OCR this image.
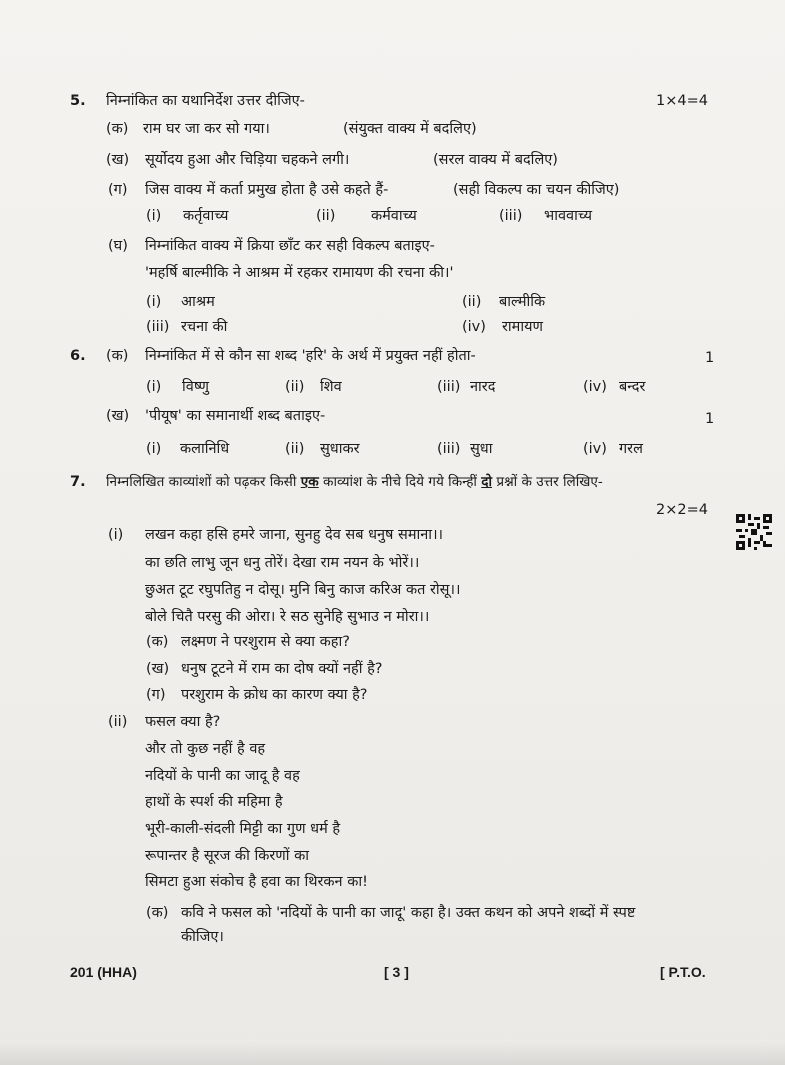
5. निम्नांकित का यथानिर्देश उत्तर दीजिए-	1×4=4
(क) राम घर जा कर सो गया।	(संयुक्त वाक्य में बदलिए)
(ख) सूर्योदय हुआ और चिड़िया चहकने लगी।	(सरल वाक्य में बदलिए)
(ग) जिस वाक्य में कर्ता प्रमुख होता है उसे कहते हैं-	(सही विकल्प का चयन कीजिए)
(i) कर्तृवाच्य	(ii) कर्मवाच्य	(iii) भाववाच्य
(घ) निम्नांकित वाक्य में क्रिया छाँट कर सही विकल्प बताइए-
'महर्षि बाल्मीकि ने आश्रम में रहकर रामायण की रचना की।'
(i) आश्रम	(ii) बाल्मीकि
(iii) रचना की	(iv) रामायण
6. (क) निम्नांकित में से कौन सा शब्द 'हरि' के अर्थ में प्रयुक्त नहीं होता-	1
(i) विष्णु	(ii) शिव	(iii) नारद	(iv) बन्दर
(ख) 'पीयूष' का समानार्थी शब्द बताइए-	1
(i) कलानिधि	(ii) सुधाकर	(iii) सुधा	(iv) गरल
7. निम्नलिखित काव्यांशों को पढ़कर किसी एक काव्यांश के नीचे दिये गये किन्हीं दो प्रश्नों के उत्तर लिखिए-
2×2=4
(i) लखन कहा हसि हमरे जाना, सुनहु देव सब धनुष समाना।।
का छति लाभु जून धनु तोरें। देखा राम नयन के भोरें।।
छुअत टूट रघुपतिहु न दोसू। मुनि बिनु काज करिअ कत रोसू।।
बोले चितै परसु की ओरा। रे सठ सुनेहि सुभाउ न मोरा।।
(क) लक्ष्मण ने परशुराम से क्या कहा?
(ख) धनुष टूटने में राम का दोष क्यों नहीं है?
(ग) परशुराम के क्रोध का कारण क्या है?
(ii) फसल क्या है?
और तो कुछ नहीं है वह
नदियों के पानी का जादू है वह
हाथों के स्पर्श की महिमा है
भूरी-काली-संदली मिट्टी का गुण धर्म है
रूपान्तर है सूरज की किरणों का
सिमटा हुआ संकोच है हवा का थिरकन का!
(क) कवि ने फसल को 'नदियों के पानी का जादू' कहा है। उक्त कथन को अपने शब्दों में स्पष्ट
कीजिए।
201 (HHA)	[ 3 ]	[ P.T.O.
